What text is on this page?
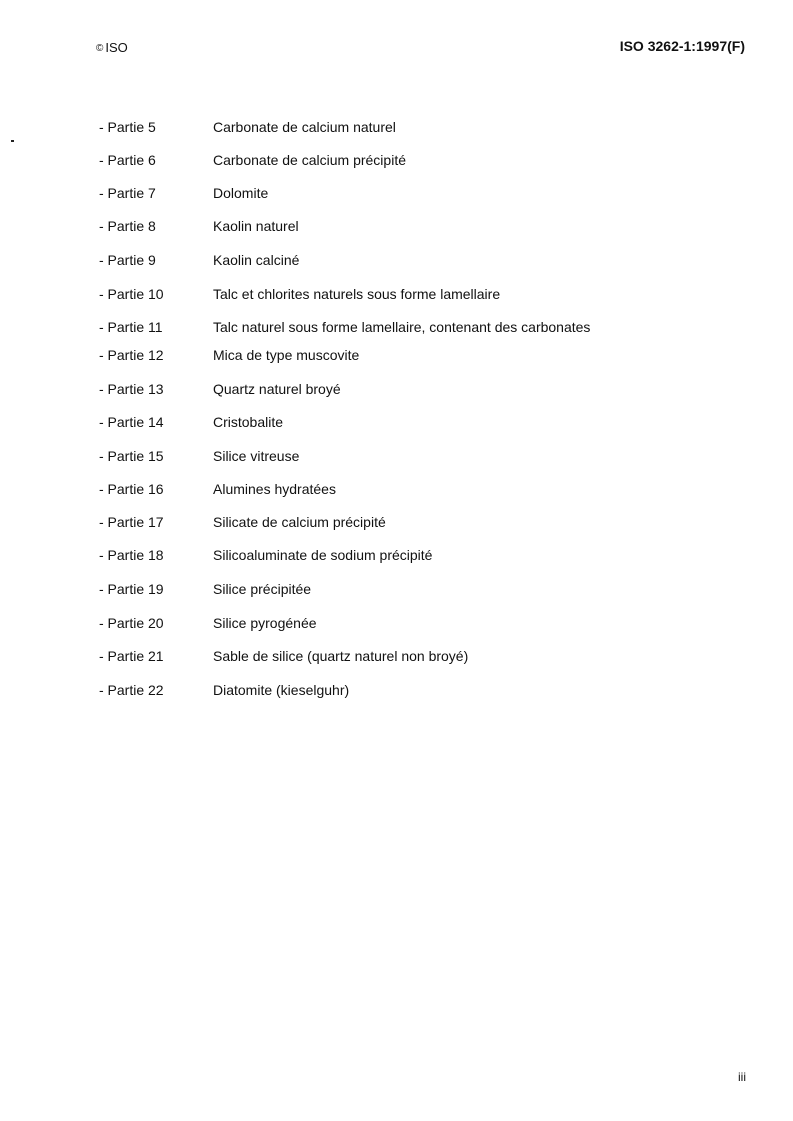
© ISO	ISO 3262-1:1997(F)
- Partie 5	Carbonate de calcium naturel
- Partie 6	Carbonate de calcium précipité
- Partie 7	Dolomite
- Partie 8	Kaolin naturel
- Partie 9	Kaolin calciné
- Partie 10	Talc et chlorites naturels sous forme lamellaire
- Partie 11	Talc naturel sous forme lamellaire, contenant des carbonates
- Partie 12	Mica de type muscovite
- Partie 13	Quartz naturel broyé
- Partie 14	Cristobalite
- Partie 15	Silice vitreuse
- Partie 16	Alumines hydratées
- Partie 17	Silicate de calcium précipité
- Partie 18	Silicoaluminate de sodium précipité
- Partie 19	Silice précipitée
- Partie 20	Silice pyrogénée
- Partie 21	Sable de silice (quartz naturel non broyé)
- Partie 22	Diatomite (kieselguhr)
iii
